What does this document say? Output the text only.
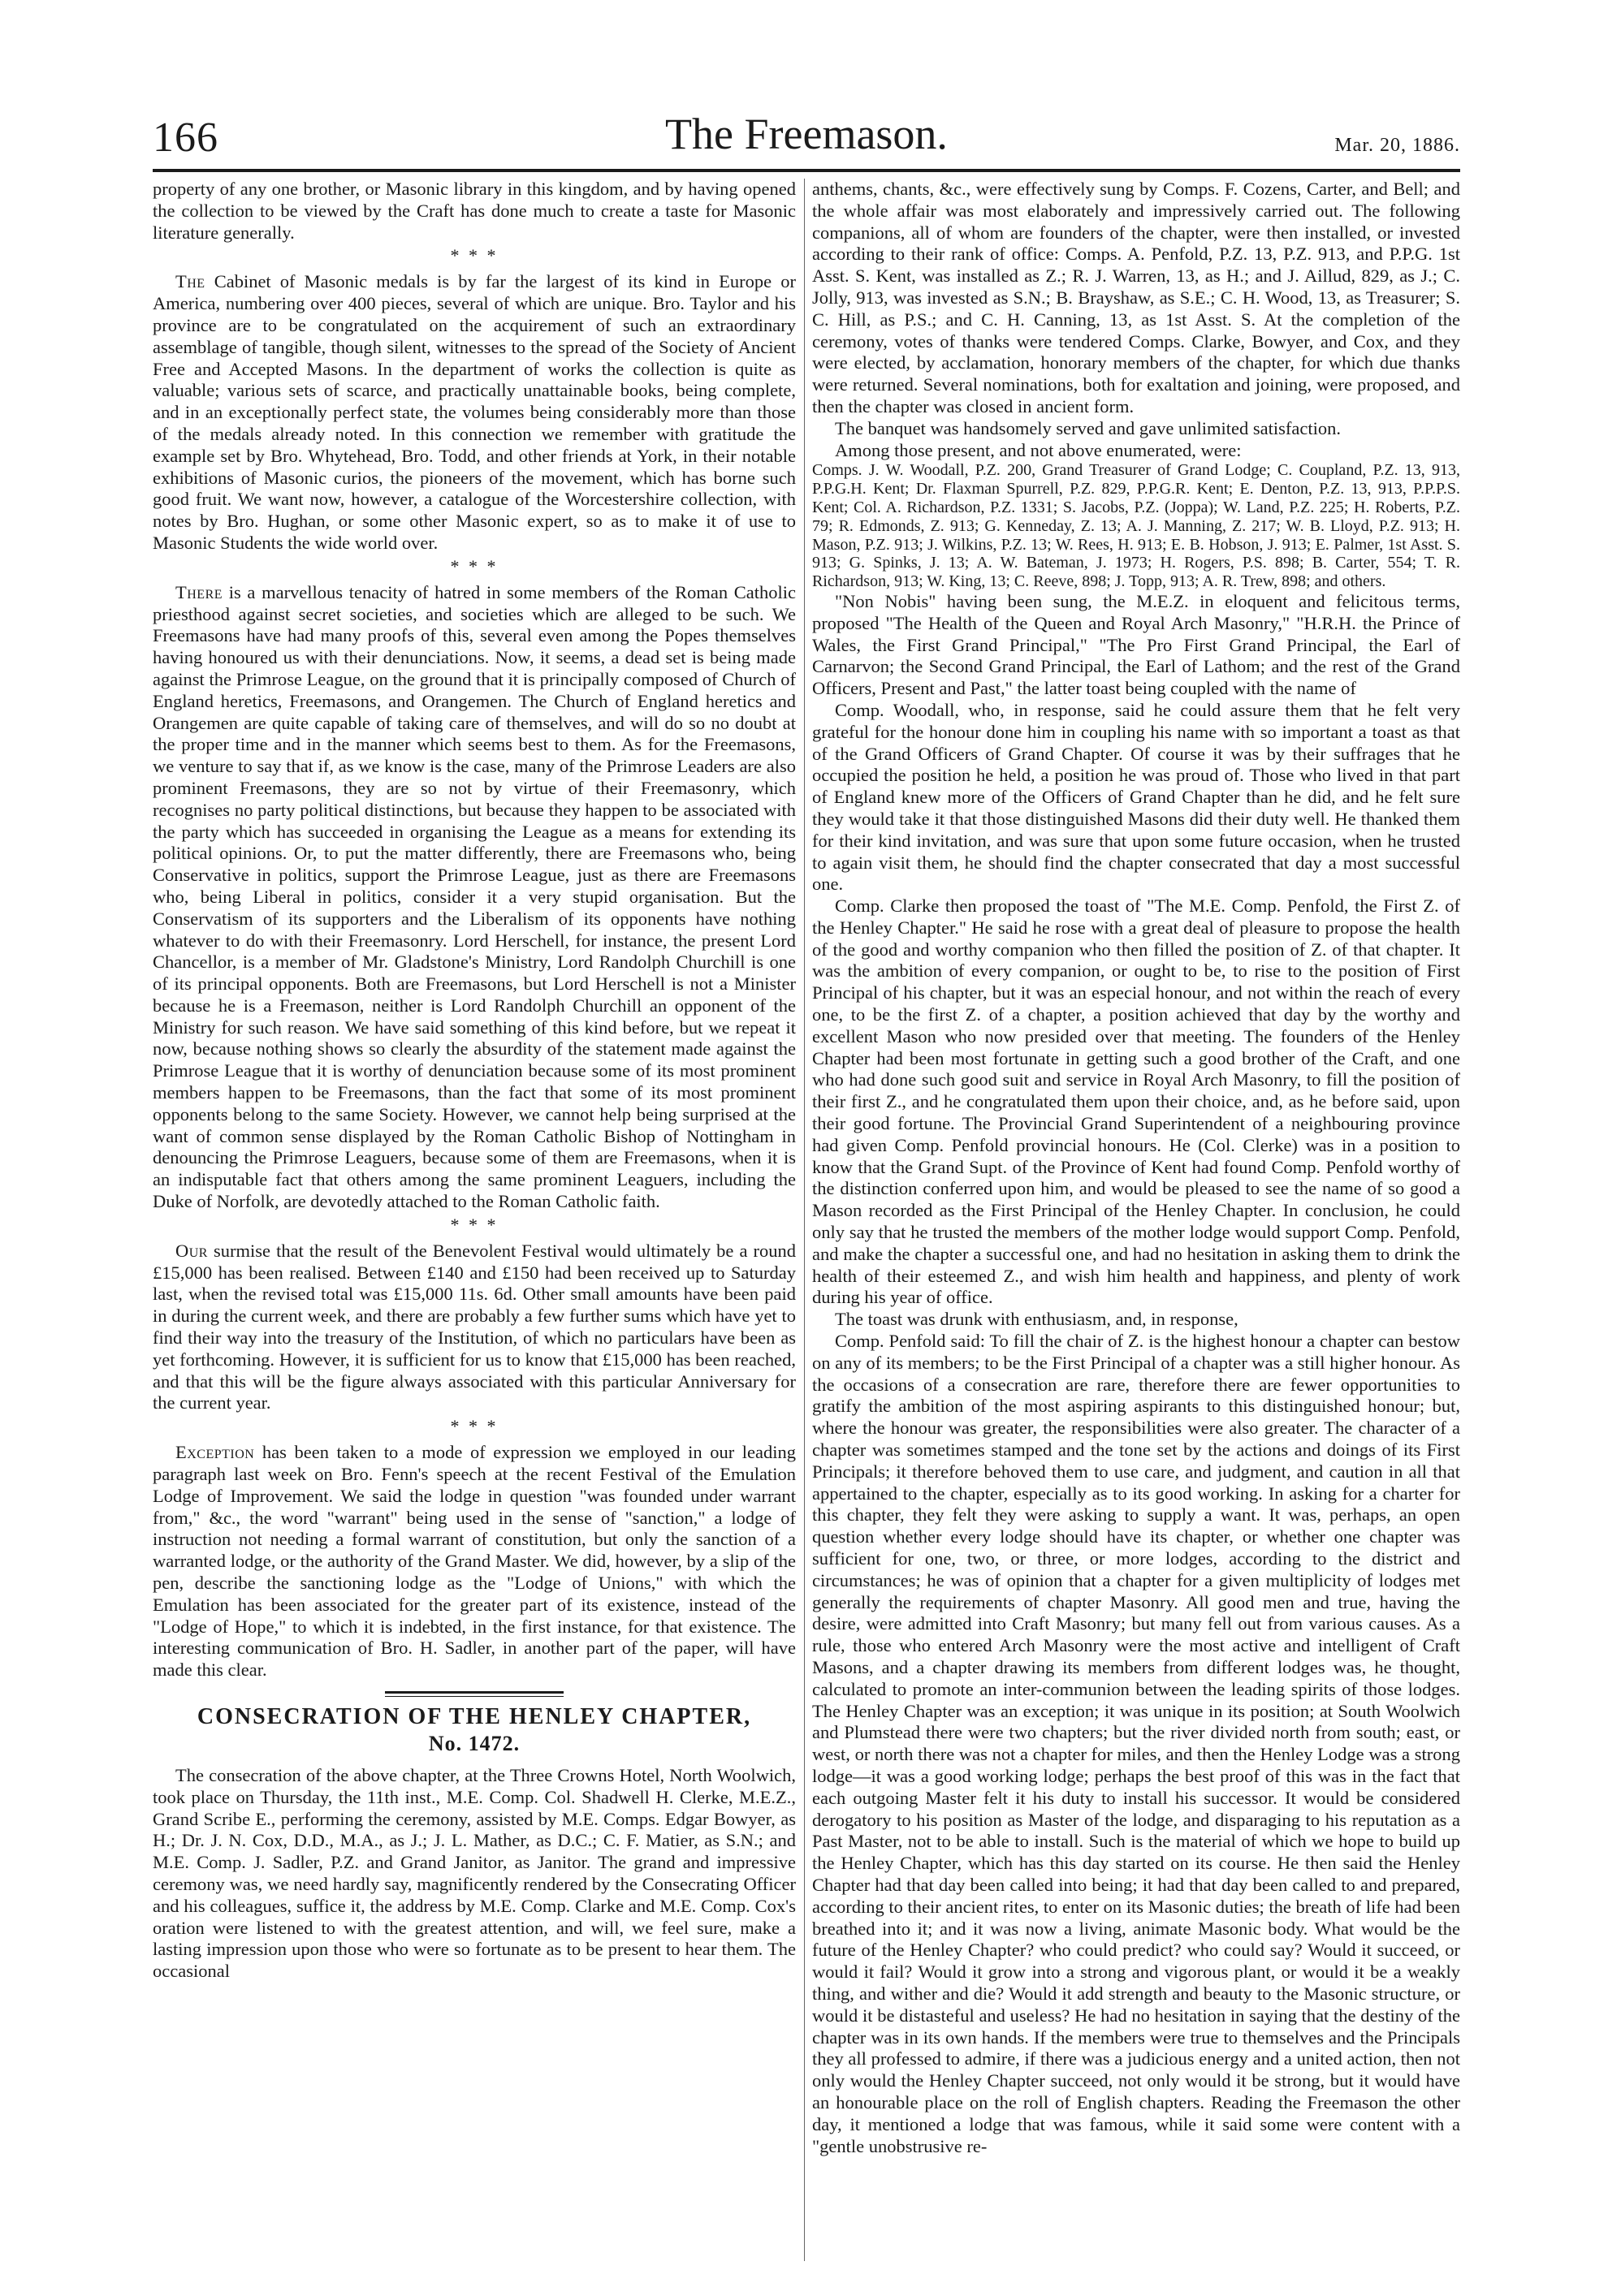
166	The Freemason.	Mar. 20, 1886.

property of any one brother, or Masonic library in this kingdom, and by having opened the collection to be viewed by the Craft has done much to create a taste for Masonic literature generally.

* * *

The Cabinet of Masonic medals is by far the largest of its kind in Europe or America, numbering over 400 pieces, several of which are unique. Bro. Taylor and his province are to be congratulated on the acquirement of such an extraordinary assemblage of tangible, though silent, witnesses to the spread of the Society of Ancient Free and Accepted Masons. In the department of works the collection is quite as valuable; various sets of scarce, and practically unattainable books, being complete, and in an exceptionally perfect state, the volumes being considerably more than those of the medals already noted. In this connection we remember with gratitude the example set by Bro. Whytehead, Bro. Todd, and other friends at York, in their notable exhibitions of Masonic curios, the pioneers of the movement, which has borne such good fruit. We want now, however, a catalogue of the Worcestershire collection, with notes by Bro. Hughan, or some other Masonic expert, so as to make it of use to Masonic Students the wide world over.

* * *

There is a marvellous tenacity of hatred in some members of the Roman Catholic priesthood against secret societies, and societies which are alleged to be such. We Freemasons have had many proofs of this, several even among the Popes themselves having honoured us with their denunciations. Now, it seems, a dead set is being made against the Primrose League, on the ground that it is principally composed of Church of England heretics, Freemasons, and Orangemen. The Church of England heretics and Orangemen are quite capable of taking care of themselves, and will do so no doubt at the proper time and in the manner which seems best to them. As for the Freemasons, we venture to say that if, as we know is the case, many of the Primrose Leaders are also prominent Freemasons, they are so not by virtue of their Freemasonry, which recognises no party political distinctions, but because they happen to be associated with the party which has succeeded in organising the League as a means for extending its political opinions. Or, to put the matter differently, there are Freemasons who, being Conservative in politics, support the Primrose League, just as there are Freemasons who, being Liberal in politics, consider it a very stupid organisation. But the Conservatism of its supporters and the Liberalism of its opponents have nothing whatever to do with their Freemasonry. Lord Herschell, for instance, the present Lord Chancellor, is a member of Mr. Gladstone's Ministry, Lord Randolph Churchill is one of its principal opponents. Both are Freemasons, but Lord Herschell is not a Minister because he is a Freemason, neither is Lord Randolph Churchill an opponent of the Ministry for such reason. We have said something of this kind before, but we repeat it now, because nothing shows so clearly the absurdity of the statement made against the Primrose League that it is worthy of denunciation because some of its most prominent members happen to be Freemasons, than the fact that some of its most prominent opponents belong to the same Society. However, we cannot help being surprised at the want of common sense displayed by the Roman Catholic Bishop of Nottingham in denouncing the Primrose Leaguers, because some of them are Freemasons, when it is an indisputable fact that others among the same prominent Leaguers, including the Duke of Norfolk, are devotedly attached to the Roman Catholic faith.

* * *

Our surmise that the result of the Benevolent Festival would ultimately be a round £15,000 has been realised. Between £140 and £150 had been received up to Saturday last, when the revised total was £15,000 11s. 6d. Other small amounts have been paid in during the current week, and there are probably a few further sums which have yet to find their way into the treasury of the Institution, of which no particulars have been as yet forthcoming. However, it is sufficient for us to know that £15,000 has been reached, and that this will be the figure always associated with this particular Anniversary for the current year.

* * *

Exception has been taken to a mode of expression we employed in our leading paragraph last week on Bro. Fenn's speech at the recent Festival of the Emulation Lodge of Improvement. We said the lodge in question "was founded under warrant from," &c., the word "warrant" being used in the sense of "sanction," a lodge of instruction not needing a formal warrant of constitution, but only the sanction of a warranted lodge, or the authority of the Grand Master. We did, however, by a slip of the pen, describe the sanctioning lodge as the "Lodge of Unions," with which the Emulation has been associated for the greater part of its existence, instead of the "Lodge of Hope," to which it is indebted, in the first instance, for that existence. The interesting communication of Bro. H. Sadler, in another part of the paper, will have made this clear.

CONSECRATION OF THE HENLEY CHAPTER,
No. 1472.

The consecration of the above chapter, at the Three Crowns Hotel, North Woolwich, took place on Thursday, the 11th inst., M.E. Comp. Col. Shadwell H. Clerke, M.E.Z., Grand Scribe E., performing the ceremony, assisted by M.E. Comps. Edgar Bowyer, as H.; Dr. J. N. Cox, D.D., M.A., as J.; J. L. Mather, as D.C.; C. F. Matier, as S.N.; and M.E. Comp. J. Sadler, P.Z. and Grand Janitor, as Janitor. The grand and impressive ceremony was, we need hardly say, magnificently rendered by the Consecrating Officer and his colleagues, suffice it, the address by M.E. Comp. Clarke and M.E. Comp. Cox's oration were listened to with the greatest attention, and will, we feel sure, make a lasting impression upon those who were so fortunate as to be present to hear them. The occasional

anthems, chants, &c., were effectively sung by Comps. F. Cozens, Carter, and Bell; and the whole affair was most elaborately and impressively carried out. The following companions, all of whom are founders of the chapter, were then installed, or invested according to their rank of office: Comps. A. Penfold, P.Z. 13, P.Z. 913, and P.P.G. 1st Asst. S. Kent, was installed as Z.; R. J. Warren, 13, as H.; and J. Aillud, 829, as J.; C. Jolly, 913, was invested as S.N.; B. Brayshaw, as S.E.; C. H. Wood, 13, as Treasurer; S. C. Hill, as P.S.; and C. H. Canning, 13, as 1st Asst. S. At the completion of the ceremony, votes of thanks were tendered Comps. Clarke, Bowyer, and Cox, and they were elected, by acclamation, honorary members of the chapter, for which due thanks were returned. Several nominations, both for exaltation and joining, were proposed, and then the chapter was closed in ancient form.

The banquet was handsomely served and gave unlimited satisfaction.

Among those present, and not above enumerated, were:

Comps. J. W. Woodall, P.Z. 200, Grand Treasurer of Grand Lodge; C. Coupland, P.Z. 13, 913, P.P.G.H. Kent; Dr. Flaxman Spurrell, P.Z. 829, P.P.G.R. Kent; E. Denton, P.Z. 13, 913, P.P.P.S. Kent; Col. A. Richardson, P.Z. 1331; S. Jacobs, P.Z. (Joppa); W. Land, P.Z. 225; H. Roberts, P.Z. 79; R. Edmonds, Z. 913; G. Kenneday, Z. 13; A. J. Manning, Z. 217; W. B. Lloyd, P.Z. 913; H. Mason, P.Z. 913; J. Wilkins, P.Z. 13; W. Rees, H. 913; E. B. Hobson, J. 913; E. Palmer, 1st Asst. S. 913; G. Spinks, J. 13; A. W. Bateman, J. 1973; H. Rogers, P.S. 898; B. Carter, 554; T. R. Richardson, 913; W. King, 13; C. Reeve, 898; J. Topp, 913; A. R. Trew, 898; and others.

"Non Nobis" having been sung, the M.E.Z. in eloquent and felicitous terms, proposed "The Health of the Queen and Royal Arch Masonry," "H.R.H. the Prince of Wales, the First Grand Principal," "The Pro First Grand Principal, the Earl of Carnarvon; the Second Grand Principal, the Earl of Lathom; and the rest of the Grand Officers, Present and Past," the latter toast being coupled with the name of

Comp. Woodall, who, in response, said he could assure them that he felt very grateful for the honour done him in coupling his name with so important a toast as that of the Grand Officers of Grand Chapter. Of course it was by their suffrages that he occupied the position he held, a position he was proud of. Those who lived in that part of England knew more of the Officers of Grand Chapter than he did, and he felt sure they would take it that those distinguished Masons did their duty well. He thanked them for their kind invitation, and was sure that upon some future occasion, when he trusted to again visit them, he should find the chapter consecrated that day a most successful one.

Comp. Clarke then proposed the toast of "The M.E. Comp. Penfold, the First Z. of the Henley Chapter." He said he rose with a great deal of pleasure to propose the health of the good and worthy companion who then filled the position of Z. of that chapter. It was the ambition of every companion, or ought to be, to rise to the position of First Principal of his chapter, but it was an especial honour, and not within the reach of every one, to be the first Z. of a chapter, a position achieved that day by the worthy and excellent Mason who now presided over that meeting. The founders of the Henley Chapter had been most fortunate in getting such a good brother of the Craft, and one who had done such good suit and service in Royal Arch Masonry, to fill the position of their first Z., and he congratulated them upon their choice, and, as he before said, upon their good fortune. The Provincial Grand Superintendent of a neighbouring province had given Comp. Penfold provincial honours. He (Col. Clerke) was in a position to know that the Grand Supt. of the Province of Kent had found Comp. Penfold worthy of the distinction conferred upon him, and would be pleased to see the name of so good a Mason recorded as the First Principal of the Henley Chapter. In conclusion, he could only say that he trusted the members of the mother lodge would support Comp. Penfold, and make the chapter a successful one, and had no hesitation in asking them to drink the health of their esteemed Z., and wish him health and happiness, and plenty of work during his year of office.

The toast was drunk with enthusiasm, and, in response,

Comp. Penfold said: To fill the chair of Z. is the highest honour a chapter can bestow on any of its members; to be the First Principal of a chapter was a still higher honour. As the occasions of a consecration are rare, therefore there are fewer opportunities to gratify the ambition of the most aspiring aspirants to this distinguished honour; but, where the honour was greater, the responsibilities were also greater. The character of a chapter was sometimes stamped and the tone set by the actions and doings of its First Principals; it therefore behoved them to use care, and judgment, and caution in all that appertained to the chapter, especially as to its good working. In asking for a charter for this chapter, they felt they were asking to supply a want. It was, perhaps, an open question whether every lodge should have its chapter, or whether one chapter was sufficient for one, two, or three, or more lodges, according to the district and circumstances; he was of opinion that a chapter for a given multiplicity of lodges met generally the requirements of chapter Masonry. All good men and true, having the desire, were admitted into Craft Masonry; but many fell out from various causes. As a rule, those who entered Arch Masonry were the most active and intelligent of Craft Masons, and a chapter drawing its members from different lodges was, he thought, calculated to promote an inter-communion between the leading spirits of those lodges. The Henley Chapter was an exception; it was unique in its position; at South Woolwich and Plumstead there were two chapters; but the river divided north from south; east, or west, or north there was not a chapter for miles, and then the Henley Lodge was a strong lodge—it was a good working lodge; perhaps the best proof of this was in the fact that each outgoing Master felt it his duty to install his successor. It would be considered derogatory to his position as Master of the lodge, and disparaging to his reputation as a Past Master, not to be able to install. Such is the material of which we hope to build up the Henley Chapter, which has this day started on its course. He then said the Henley Chapter had that day been called into being; it had that day been called to and prepared, according to their ancient rites, to enter on its Masonic duties; the breath of life had been breathed into it; and it was now a living, animate Masonic body. What would be the future of the Henley Chapter? who could predict? who could say? Would it succeed, or would it fail? Would it grow into a strong and vigorous plant, or would it be a weakly thing, and wither and die? Would it add strength and beauty to the Masonic structure, or would it be distasteful and useless? He had no hesitation in saying that the destiny of the chapter was in its own hands. If the members were true to themselves and the Principals they all professed to admire, if there was a judicious energy and a united action, then not only would the Henley Chapter succeed, not only would it be strong, but it would have an honourable place on the roll of English chapters. Reading the Freemason the other day, it mentioned a lodge that was famous, while it said some were content with a "gentle unobstrusive re-
